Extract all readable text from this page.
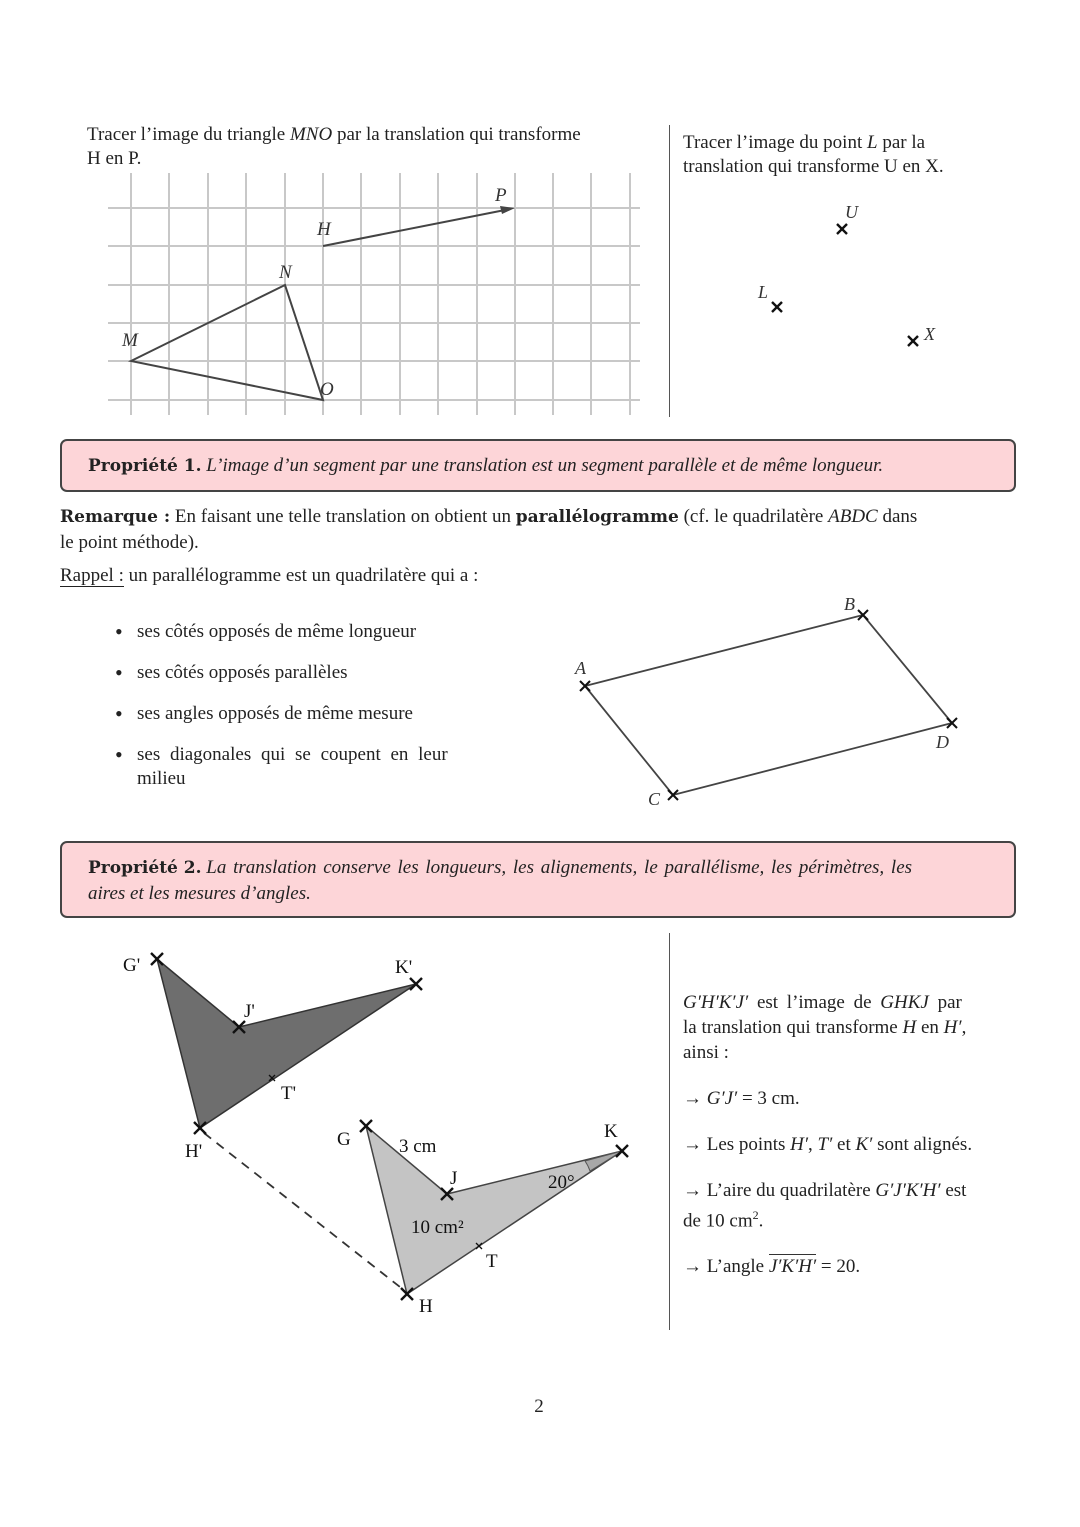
Tracer l’image du triangle MNO par la translation qui transforme
H en P.
M
N
O
H
P
Tracer l’image du point L par la
translation qui transforme U en X.
U
L
X
Propriété 1. L’image d’un segment par une translation est un segment parallèle et de même longueur.
Remarque : En faisant une telle translation on obtient un parallélogramme (cf. le quadrilatère ABDC dans
le point méthode).
Rappel : un parallélogramme est un quadrilatère qui a :
• ses côtés opposés de même longueur
• ses côtés opposés parallèles
• ses angles opposés de même mesure
• ses diagonales qui se coupent en leur
milieu
A
B
D
C
Propriété 2. La translation conserve les longueurs, les alignements, le parallélisme, les périmètres, les
aires et les mesures d’angles.
G'
J'
K'
T'
H'
G
J
K
T
H
3 cm
10 cm²
20°
G′H′K′J′ est l’image de GHKJ par
la translation qui transforme H en H′,
ainsi :
→ G′J′ = 3 cm.
→ Les points H′, T′ et K′ sont alignés.
→ L’aire du quadrilatère G′J′K′H′ est
de 10 $cm^2$.
→ L’angle J′K′H′ = 20.
2
